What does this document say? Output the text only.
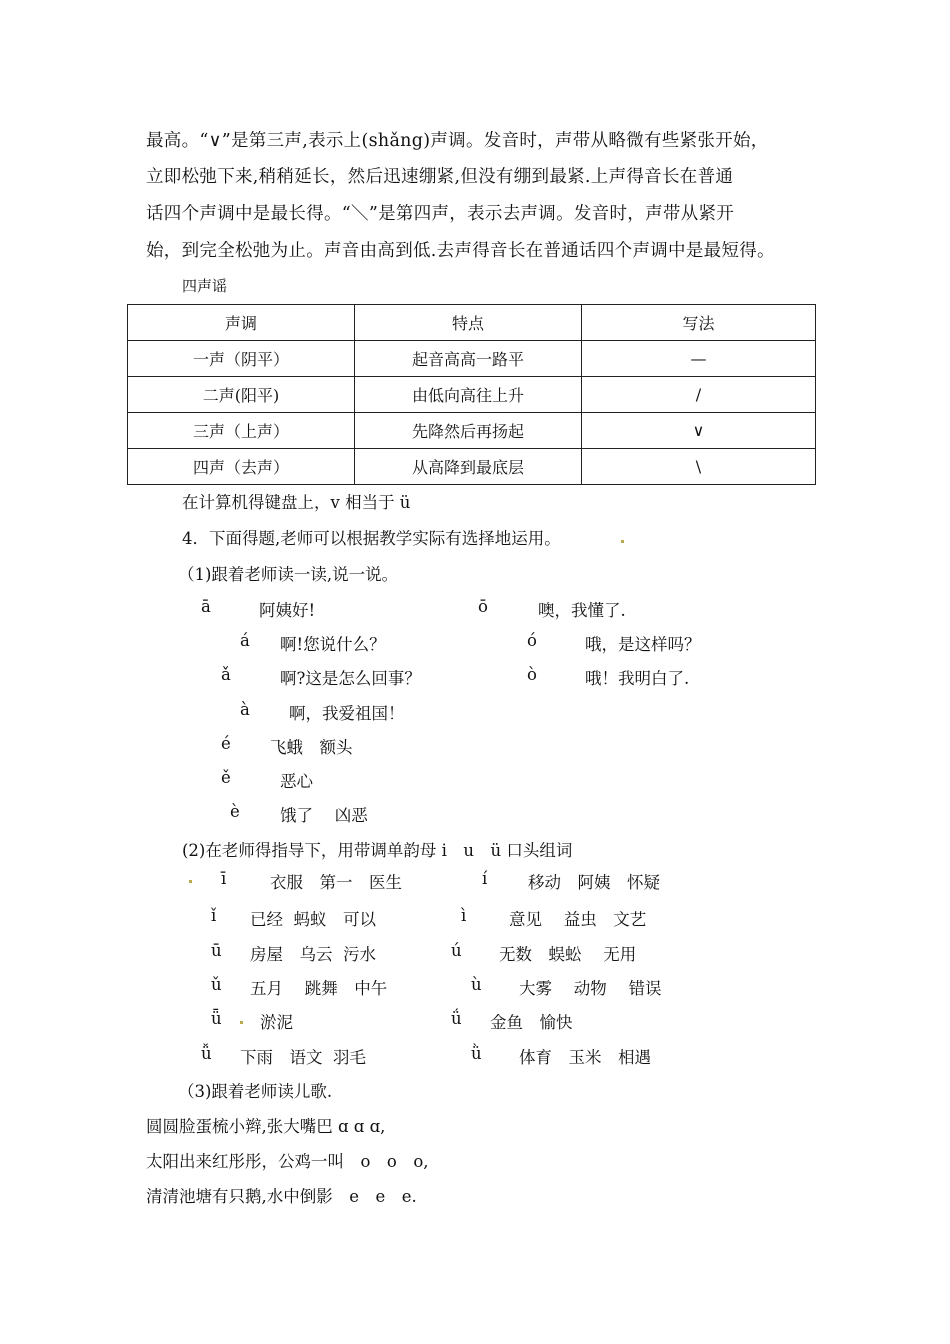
最高。“∨”是第三声,表示上(shǎng)声调。发音时，声带从略微有些紧张开始，
立即松弛下来,稍稍延长，然后迅速绷紧,但没有绷到最紧.上声得音长在普通
话四个声调中是最长得。“＼”是第四声，表示去声调。发音时，声带从紧开
始，到完全松弛为止。声音由高到低.去声得音长在普通话四个声调中是最短得。
四声谣
声调	特点	写法
一声（阴平）	起音高高一路平	—
二声(阳平)	由低向高往上升	/
三声（上声）	先降然后再扬起	∨
四声（去声）	从高降到最底层	\
在计算机得键盘上，v 相当于 ü
4．下面得题,老师可以根据教学实际有选择地运用。
（1)跟着老师读一读,说一说。
ā	阿姨好!	ō	噢，我懂了.
á 啊!您说什么？	ó	哦，是这样吗？
ǎ	啊?这是怎么回事？	ò	哦！我明白了.
à 啊，我爱祖国！
é 飞蛾　额头
ě	恶心
è 饿了　 凶恶
(2)在老师得指导下，用带调单韵母 i　u　ü 口头组词
ī	衣服　第一　医生	í 移动　阿姨　怀疑
ǐ 已经  蚂蚁　可以	ì	意见　 益虫　文艺
ū 房屋　乌云  污水	ú 无数　蜈蚣　 无用
ǔ 五月　 跳舞　中午	ù 大雾　 动物　 错误
ǖ 淤泥	ǘ 金鱼　愉快
ǚ 下雨　语文  羽毛	ǜ 体育　玉米　相遇
（3)跟着老师读儿歌.
圆圆脸蛋梳小辫,张大嘴巴 ɑ ɑ ɑ,
太阳出来红彤彤，公鸡一叫　o　o　o,
清清池塘有只鹅,水中倒影　e　e　e.
